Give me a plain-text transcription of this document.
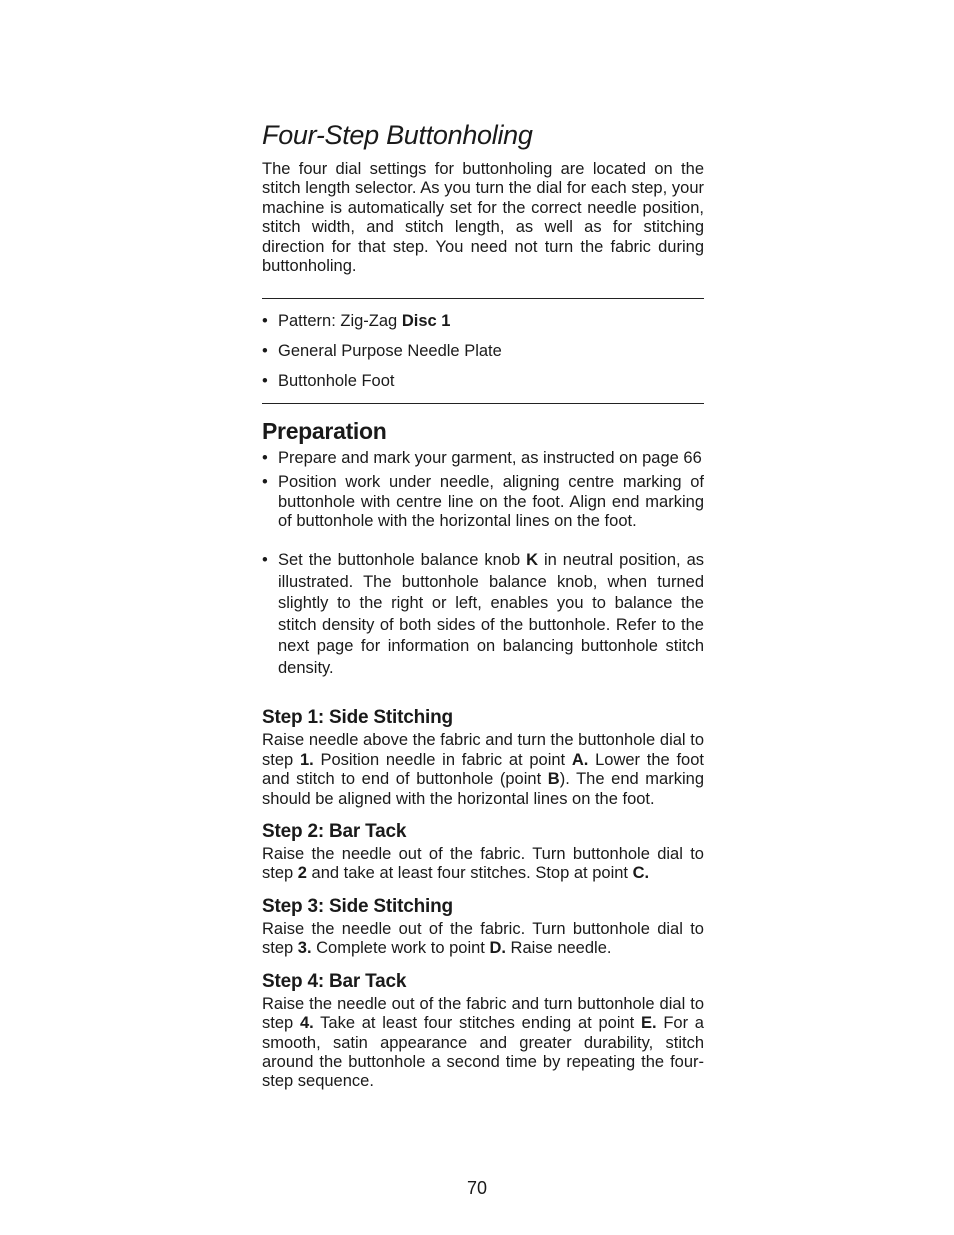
Four-Step Buttonholing

The four dial settings for buttonholing are located on the stitch length selector. As you turn the dial for each step, your machine is automatically set for the correct needle position, stitch width, and stitch length, as well as for stitching direction for that step. You need not turn the fabric during buttonholing.

• Pattern: Zig-Zag Disc 1
• General Purpose Needle Plate
• Buttonhole Foot
Preparation
• Prepare and mark your garment, as instructed on page 66
• Position work under needle, aligning centre marking of buttonhole with centre line on the foot. Align end marking of buttonhole with the horizontal lines on the foot.
• Set the buttonhole balance knob K in neutral position, as illustrated. The buttonhole balance knob, when turned slightly to the right or left, enables you to balance the stitch density of both sides of the buttonhole. Refer to the next page for information on balancing buttonhole stitch density.
Step 1: Side Stitching

Raise needle above the fabric and turn the buttonhole dial to step 1. Position needle in fabric at point A. Lower the foot and stitch to end of buttonhole (point B). The end marking should be aligned with the horizontal lines on the foot.

Step 2: Bar Tack

Raise the needle out of the fabric. Turn buttonhole dial to step 2 and take at least four stitches. Stop at point C.

Step 3: Side Stitching

Raise the needle out of the fabric. Turn buttonhole dial to step 3. Complete work to point D. Raise needle.

Step 4: Bar Tack

Raise the needle out of the fabric and turn buttonhole dial to step 4. Take at least four stitches ending at point E. For a smooth, satin appearance and greater durability, stitch around the buttonhole a second time by repeating the four-step sequence.

70
